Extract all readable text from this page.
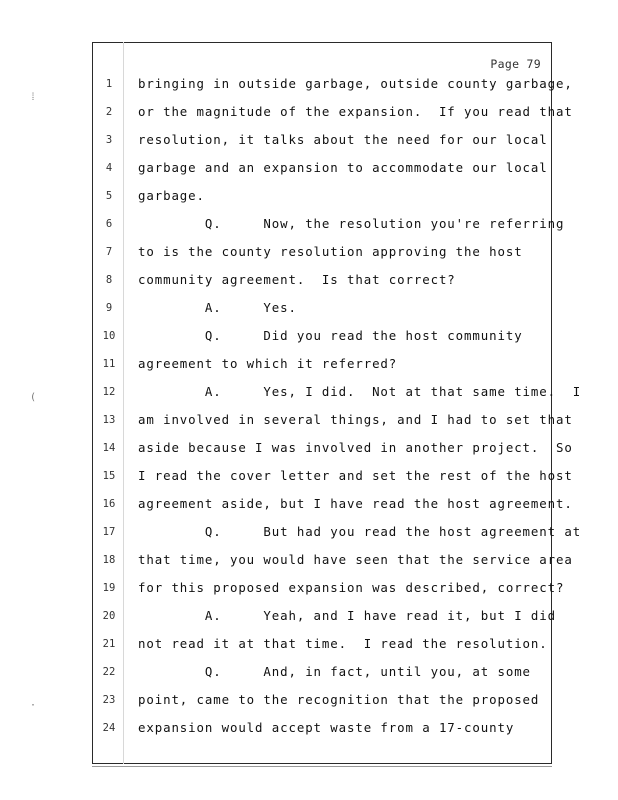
Page 79
⁞
(
·
1	bringing in outside garbage, outside county garbage,
2	or the magnitude of the expansion.  If you read that
3	resolution, it talks about the need for our local
4	garbage and an expansion to accommodate our local
5	garbage.
6	Q.     Now, the resolution you're referring
7	to is the county resolution approving the host
8	community agreement.  Is that correct?
9	A.     Yes.
10	Q.     Did you read the host community
11	agreement to which it referred?
12	A.     Yes, I did.  Not at that same time.  I
13	am involved in several things, and I had to set that
14	aside because I was involved in another project.  So
15	I read the cover letter and set the rest of the host
16	agreement aside, but I have read the host agreement.
17	Q.     But had you read the host agreement at
18	that time, you would have seen that the service area
19	for this proposed expansion was described, correct?
20	A.     Yeah, and I have read it, but I did
21	not read it at that time.  I read the resolution.
22	Q.     And, in fact, until you, at some
23	point, came to the recognition that the proposed
24	expansion would accept waste from a 17-county
